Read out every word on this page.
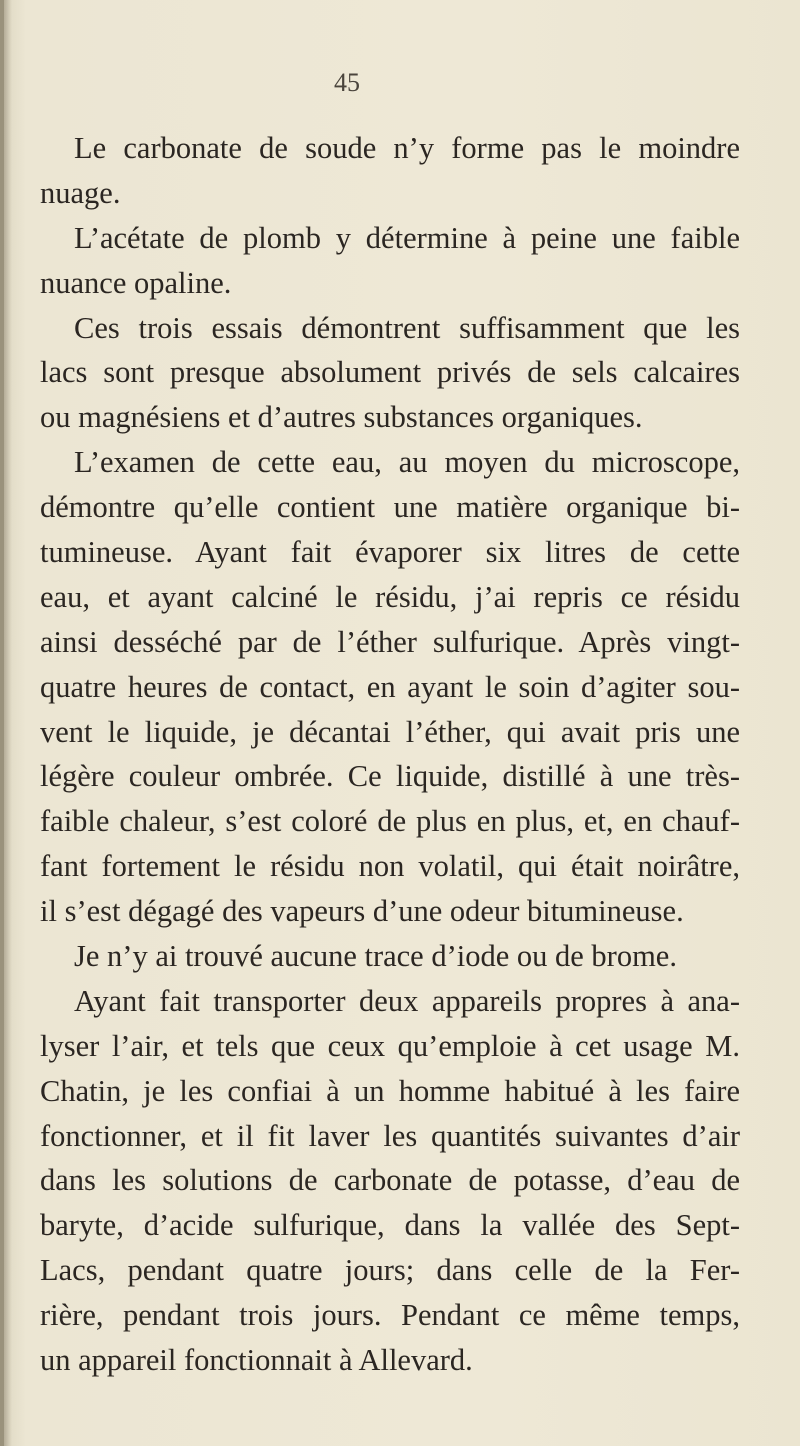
45
Le carbonate de soude n’y forme pas le moindre
nuage.
L’acétate de plomb y détermine à peine une faible
nuance opaline.
Ces trois essais démontrent suffisamment que les
lacs sont presque absolument privés de sels calcaires
ou magnésiens et d’autres substances organiques.
L’examen de cette eau, au moyen du microscope,
démontre qu’elle contient une matière organique bi-
tumineuse. Ayant fait évaporer six litres de cette
eau, et ayant calciné le résidu, j’ai repris ce résidu
ainsi desséché par de l’éther sulfurique. Après vingt-
quatre heures de contact, en ayant le soin d’agiter sou-
vent le liquide, je décantai l’éther, qui avait pris une
légère couleur ombrée. Ce liquide, distillé à une très-
faible chaleur, s’est coloré de plus en plus, et, en chauf-
fant fortement le résidu non volatil, qui était noirâtre,
il s’est dégagé des vapeurs d’une odeur bitumineuse.
Je n’y ai trouvé aucune trace d’iode ou de brome.
Ayant fait transporter deux appareils propres à ana-
lyser l’air, et tels que ceux qu’emploie à cet usage M.
Chatin, je les confiai à un homme habitué à les faire
fonctionner, et il fit laver les quantités suivantes d’air
dans les solutions de carbonate de potasse, d’eau de
baryte, d’acide sulfurique, dans la vallée des Sept-
Lacs, pendant quatre jours; dans celle de la Fer-
rière, pendant trois jours. Pendant ce même temps,
un appareil fonctionnait à Allevard.
